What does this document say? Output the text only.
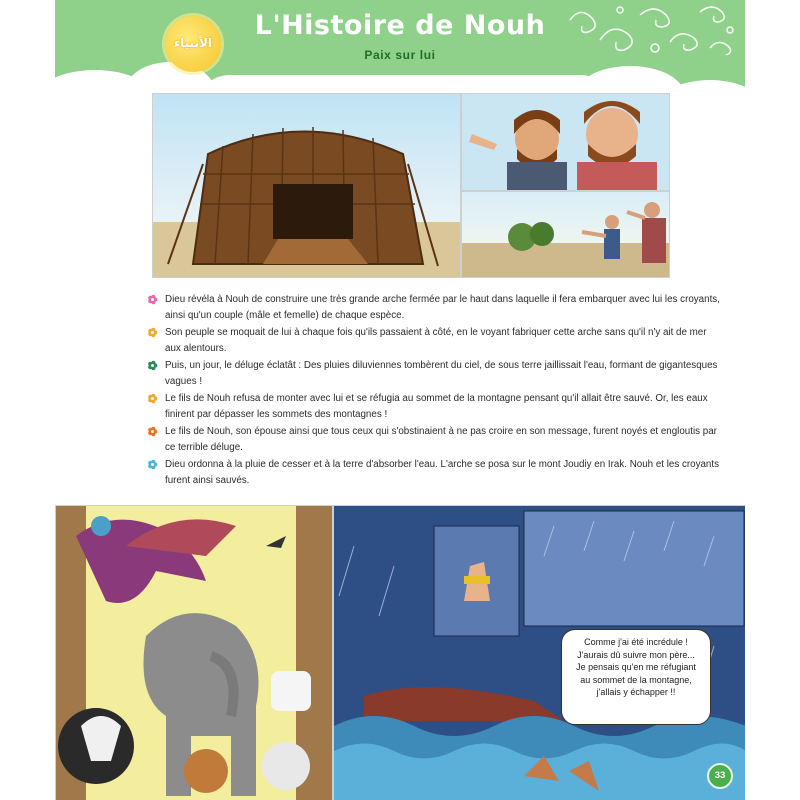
الأنبياء
L'Histoire de Nouh
Paix sur lui
Dieu révéla à Nouh de construire une très grande arche fermée par le haut dans laquelle il fera embarquer avec lui les croyants, ainsi qu'un couple (mâle et femelle) de chaque espèce.
Son peuple se moquait de lui à chaque fois qu'ils passaient à côté, en le voyant fabriquer cette arche sans qu'il n'y ait de mer aux alentours.
Puis, un jour, le déluge éclatât : Des pluies diluviennes tombèrent du ciel, de sous terre jaillissait l'eau, formant de gigantesques vagues !
Le fils de Nouh refusa de monter avec lui et se réfugia au sommet de la montagne pensant qu'il allait être sauvé. Or, les eaux finirent par dépasser les sommets des montagnes !
Le fils de Nouh, son épouse ainsi que tous ceux qui s'obstinaient à ne pas croire en son message, furent noyés et engloutis par ce terrible déluge.
Dieu ordonna à la pluie de cesser et à la terre d'absorber l'eau. L'arche se posa sur le mont Joudiy en Irak. Nouh et les croyants furent ainsi sauvés.
Comme j'ai été incrédule !
J'aurais dû suivre mon père...
Je pensais qu'en me réfugiant
au sommet de la montagne,
j'allais y échapper !!
33
